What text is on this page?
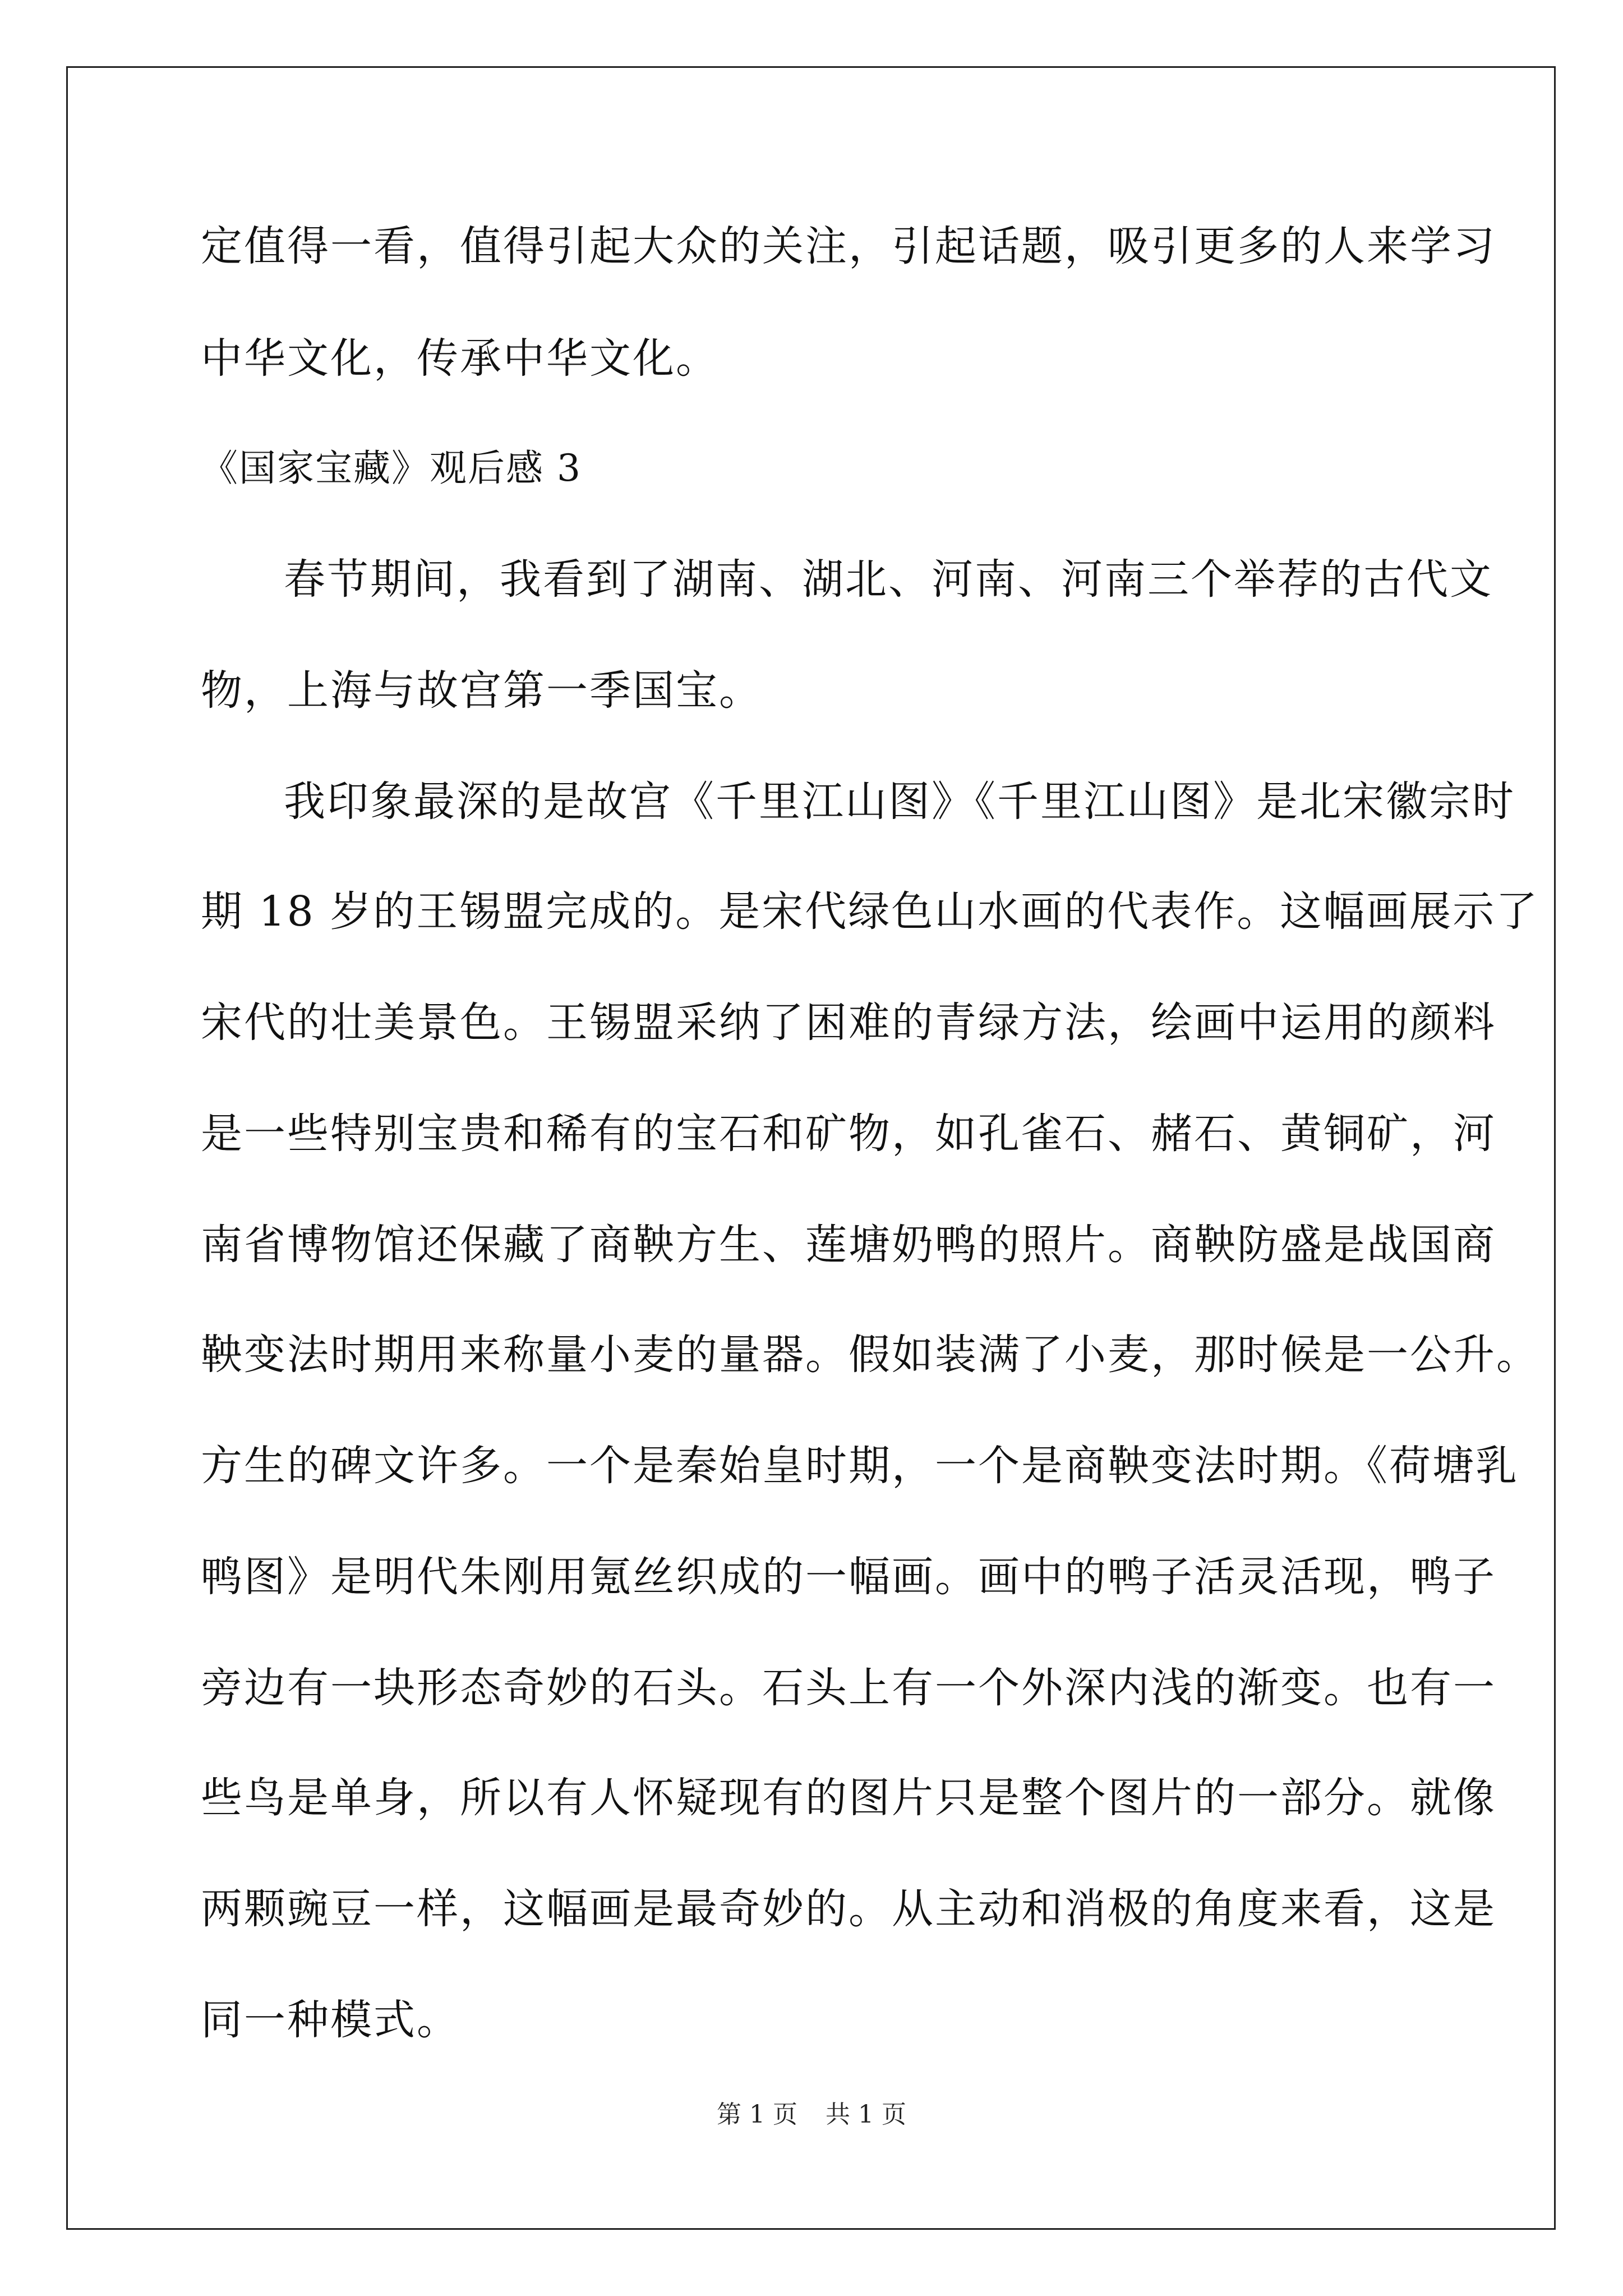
定值得一看，值得引起大众的关注，引起话题，吸引更多的人来学习
中华文化，传承中华文化。
《国家宝藏》观后感 3
春节期间，我看到了湖南、湖北、河南、河南三个举荐的古代文
物，上海与故宫第一季国宝。
我印象最深的是故宫《千里江山图》《千里江山图》是北宋徽宗时
期 18 岁的王锡盟完成的。是宋代绿色山水画的代表作。这幅画展示了
宋代的壮美景色。王锡盟采纳了困难的青绿方法，绘画中运用的颜料
是一些特别宝贵和稀有的宝石和矿物，如孔雀石、赭石、黄铜矿，河
南省博物馆还保藏了商鞅方生、莲塘奶鸭的照片。商鞅防盛是战国商
鞅变法时期用来称量小麦的量器。假如装满了小麦，那时候是一公升。
方生的碑文许多。一个是秦始皇时期，一个是商鞅变法时期。《荷塘乳
鸭图》是明代朱刚用氪丝织成的一幅画。画中的鸭子活灵活现，鸭子
旁边有一块形态奇妙的石头。石头上有一个外深内浅的渐变。也有一
些鸟是单身，所以有人怀疑现有的图片只是整个图片的一部分。就像
两颗豌豆一样，这幅画是最奇妙的。从主动和消极的角度来看，这是
同一种模式。
第 1 页 共 1 页
